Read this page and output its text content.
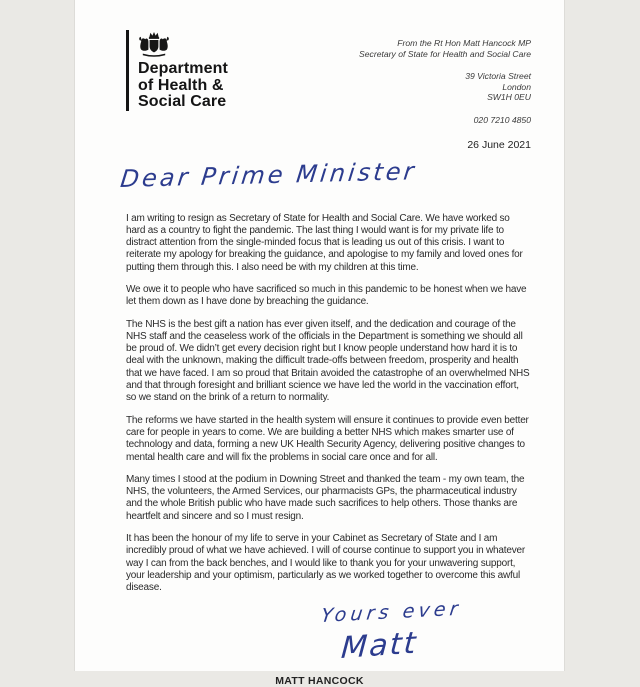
Department
of Health &
Social Care
From the Rt Hon Matt Hancock MP
Secretary of State for Health and Social Care
39 Victoria Street
London
SW1H 0EU
020 7210 4850
26 June 2021
Dear Prime Minister

I am writing to resign as Secretary of State for Health and Social Care. We have worked so hard as a country to fight the pandemic. The last thing I would want is for my private life to distract attention from the single-minded focus that is leading us out of this crisis. I want to reiterate my apology for breaking the guidance, and apologise to my family and loved ones for putting them through this. I also need be with my children at this time.

We owe it to people who have sacrificed so much in this pandemic to be honest when we have let them down as I have done by breaching the guidance.

The NHS is the best gift a nation has ever given itself, and the dedication and courage of the NHS staff and the ceaseless work of the officials in the Department is something we should all be proud of. We didn’t get every decision right but I know people understand how hard it is to deal with the unknown, making the difficult trade-offs between freedom, prosperity and health that we have faced. I am so proud that Britain avoided the catastrophe of an overwhelmed NHS and that through foresight and brilliant science we have led the world in the vaccination effort, so we stand on the brink of a return to normality.

The reforms we have started in the health system will ensure it continues to provide even better care for people in years to come. We are building a better NHS which makes smarter use of technology and data, forming a new UK Health Security Agency, delivering positive changes to mental health care and will fix the problems in social care once and for all.

Many times I stood at the podium in Downing Street and thanked the team - my own team, the NHS, the volunteers, the Armed Services, our pharmacists GPs, the pharmaceutical industry and the whole British public who have made such sacrifices to help others. Those thanks are heartfelt and sincere and so I must resign.

It has been the honour of my life to serve in your Cabinet as Secretary of State and I am incredibly proud of what we have achieved. I will of course continue to support you in whatever way I can from the back benches, and I would like to thank you for your unwavering support, your leadership and your optimism, particularly as we worked together to overcome this awful disease.

Yours ever
Matt
MATT HANCOCK
